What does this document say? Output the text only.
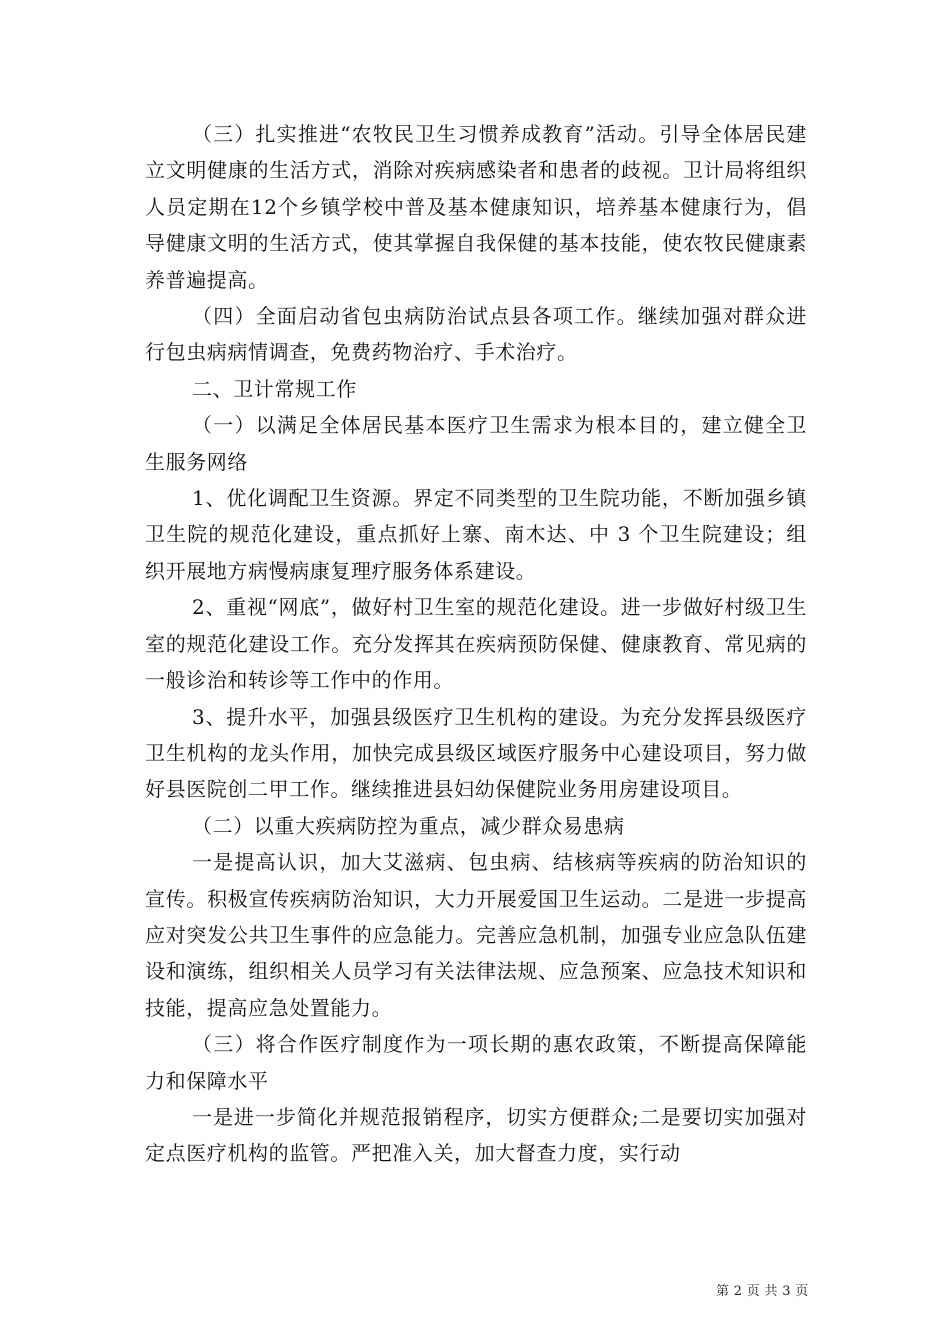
（三）扎实推进“农牧民卫生习惯养成教育”活动。引导全体居民建立文明健康的生活方式，消除对疾病感染者和患者的歧视。卫计局将组织人员定期在12个乡镇学校中普及基本健康知识，培养基本健康行为，倡导健康文明的生活方式，使其掌握自我保健的基本技能，使农牧民健康素养普遍提高。

（四）全面启动省包虫病防治试点县各项工作。继续加强对群众进行包虫病病情调查，免费药物治疗、手术治疗。

二、卫计常规工作

（一）以满足全体居民基本医疗卫生需求为根本目的，建立健全卫生服务网络

1、优化调配卫生资源。界定不同类型的卫生院功能，不断加强乡镇卫生院的规范化建设，重点抓好上寨、南木达、中 3 个卫生院建设；组织开展地方病慢病康复理疗服务体系建设。

2、重视“网底”，做好村卫生室的规范化建设。进一步做好村级卫生室的规范化建设工作。充分发挥其在疾病预防保健、健康教育、常见病的一般诊治和转诊等工作中的作用。

3、提升水平，加强县级医疗卫生机构的建设。为充分发挥县级医疗卫生机构的龙头作用，加快完成县级区域医疗服务中心建设项目，努力做好县医院创二甲工作。继续推进县妇幼保健院业务用房建设项目。

（二）以重大疾病防控为重点，减少群众易患病

一是提高认识，加大艾滋病、包虫病、结核病等疾病的防治知识的宣传。积极宣传疾病防治知识，大力开展爱国卫生运动。二是进一步提高应对突发公共卫生事件的应急能力。完善应急机制，加强专业应急队伍建设和演练，组织相关人员学习有关法律法规、应急预案、应急技术知识和技能，提高应急处置能力。

（三）将合作医疗制度作为一项长期的惠农政策，不断提高保障能力和保障水平

一是进一步简化并规范报销程序，切实方便群众;二是要切实加强对定点医疗机构的监管。严把准入关，加大督查力度，实行动

第 2 页 共 3 页
